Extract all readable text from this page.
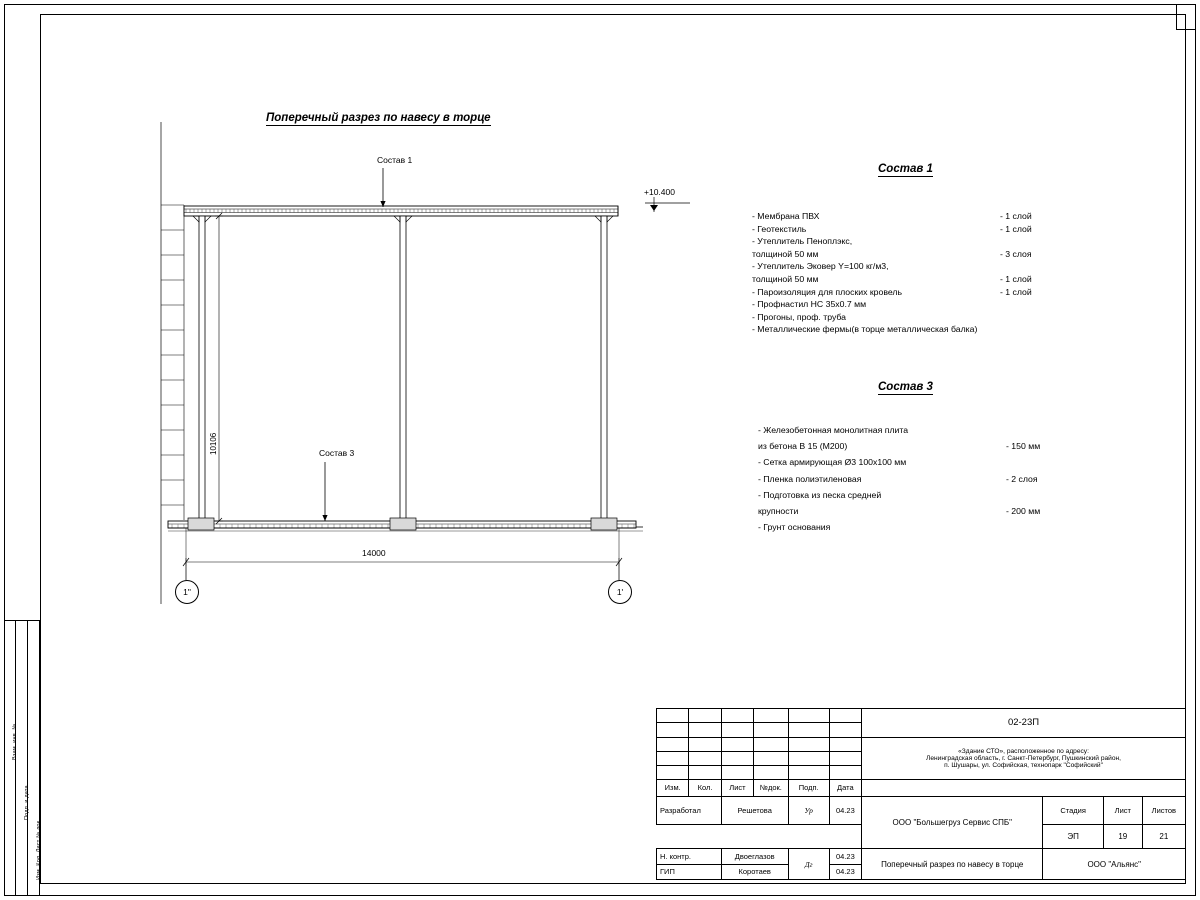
Взам. инв. №
Подп. и дата
Изм. Кол. Лист № док.
Поперечный разрез по навесу в торце
Состав 1
Состав 3
+10.400
10106
14000
1"	1'
Состав 1
- Мембрана ПВХ	- 1 слой
- Геотекстиль	- 1 слой
- Утеплитель Пеноплэкс,
толщиной 50 мм	- 3 слоя
- Утеплитель Эковер Y=100 кг/м3,
толщиной 50 мм	- 1 слой
- Пароизоляция для плоских кровель	- 1 слой
- Профнастил НС 35х0.7 мм
- Прогоны, проф. труба
- Металлические фермы(в торце металлическая балка)
Состав 3
- Железобетонная монолитная плита
из бетона В 15 (М200)	- 150 мм
- Сетка армирующая Ø3 100х100 мм
- Пленка полиэтиленовая	- 2 слоя
- Подготовка из песка средней
крупности	- 200 мм
- Грунт основания
						02-23П			

						«Здание СТО», расположенное по адресу:
Ленинградская область, г. Санкт-Петербург, Пушкинский район,
п. Шушары, ул. Софийская, технопарк "Софийский"			

Изм.	Кол.	Лист	№док.	Подп.	Дата				
Разработал		Решетова		Ур	04.23	ООО "Большегруз Сервис СПБ"	Стадия	Лист	Листов
							ЭП	19	21
Н. контр.		Двоеглазов		Дг	04.23	Поперечный разрез по навесу в торце	ООО "Альянс"		
ГИП		Коротаев			04.23				
